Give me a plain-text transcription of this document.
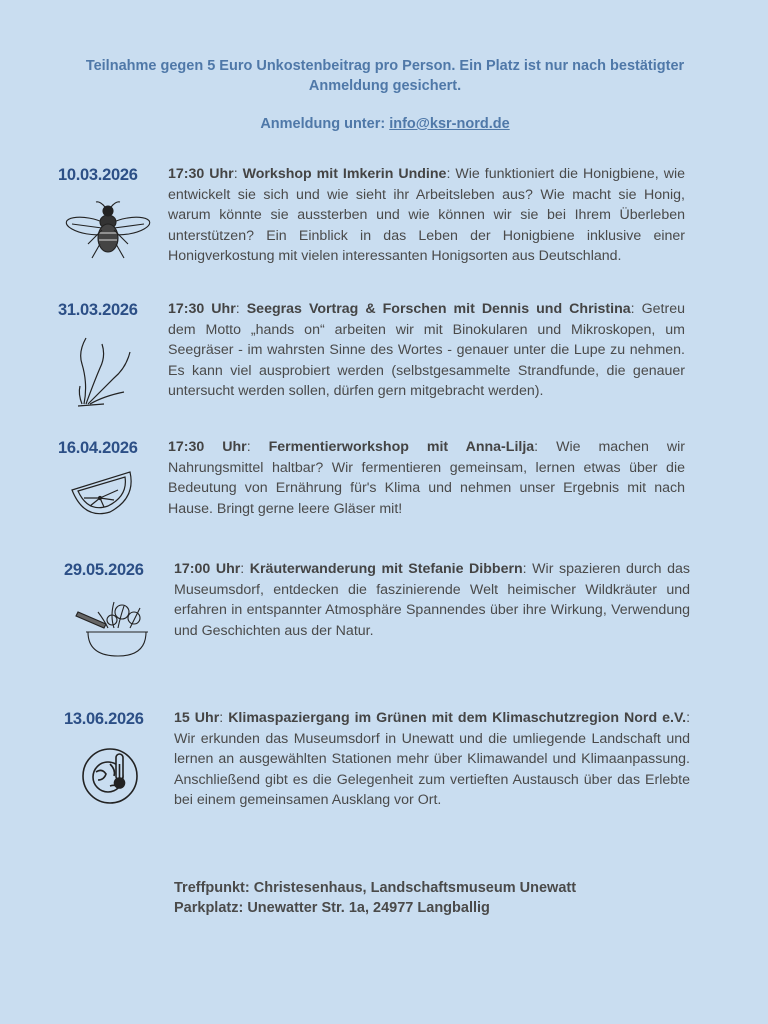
Teilnahme gegen 5 Euro Unkostenbeitrag pro Person. Ein Platz ist nur nach bestätigter Anmeldung gesichert.
Anmeldung unter: info@ksr-nord.de
10.03.2026 17:30 Uhr: Workshop mit Imkerin Undine: Wie funktioniert die Honigbiene, wie entwickelt sie sich und wie sieht ihr Arbeitsleben aus? Wie macht sie Honig, warum könnte sie aussterben und wie können wir sie bei Ihrem Überleben unterstützen? Ein Einblick in das Leben der Honigbiene inklusive einer Honigverkostung mit vielen interessanten Honigsorten aus Deutschland.
31.03.2026 17:30 Uhr: Seegras Vortrag & Forschen mit Dennis und Christina: Getreu dem Motto „hands on“ arbeiten wir mit Binokularen und Mikroskopen, um Seegräser - im wahrsten Sinne des Wortes - genauer unter die Lupe zu nehmen. Es kann viel ausprobiert werden (selbstgesammelte Strandfunde, die genauer untersucht werden sollen, dürfen gern mitgebracht werden).
16.04.2026 17:30 Uhr: Fermentierworkshop mit Anna-Lilja: Wie machen wir Nahrungsmittel haltbar? Wir fermentieren gemeinsam, lernen etwas über die Bedeutung von Ernährung für's Klima und nehmen unser Ergebnis mit nach Hause. Bringt gerne leere Gläser mit!
29.05.2026 17:00 Uhr: Kräuterwanderung mit Stefanie Dibbern: Wir spazieren durch das Museumsdorf, entdecken die faszinierende Welt heimischer Wildkräuter und erfahren in entspannter Atmosphäre Spannendes über ihre Wirkung, Verwendung und Geschichten aus der Natur.
13.06.2026 15 Uhr: Klimaspaziergang im Grünen mit dem Klimaschutzregion Nord e.V.: Wir erkunden das Museumsdorf in Unewatt und die umliegende Landschaft und lernen an ausgewählten Stationen mehr über Klimawandel und Klimaanpassung. Anschließend gibt es die Gelegenheit zum vertieften Austausch über das Erlebte bei einem gemeinsamen Ausklang vor Ort.
Treffpunkt: Christesenhaus, Landschaftsmuseum Unewatt
Parkplatz: Unewatter Str. 1a, 24977 Langballig
